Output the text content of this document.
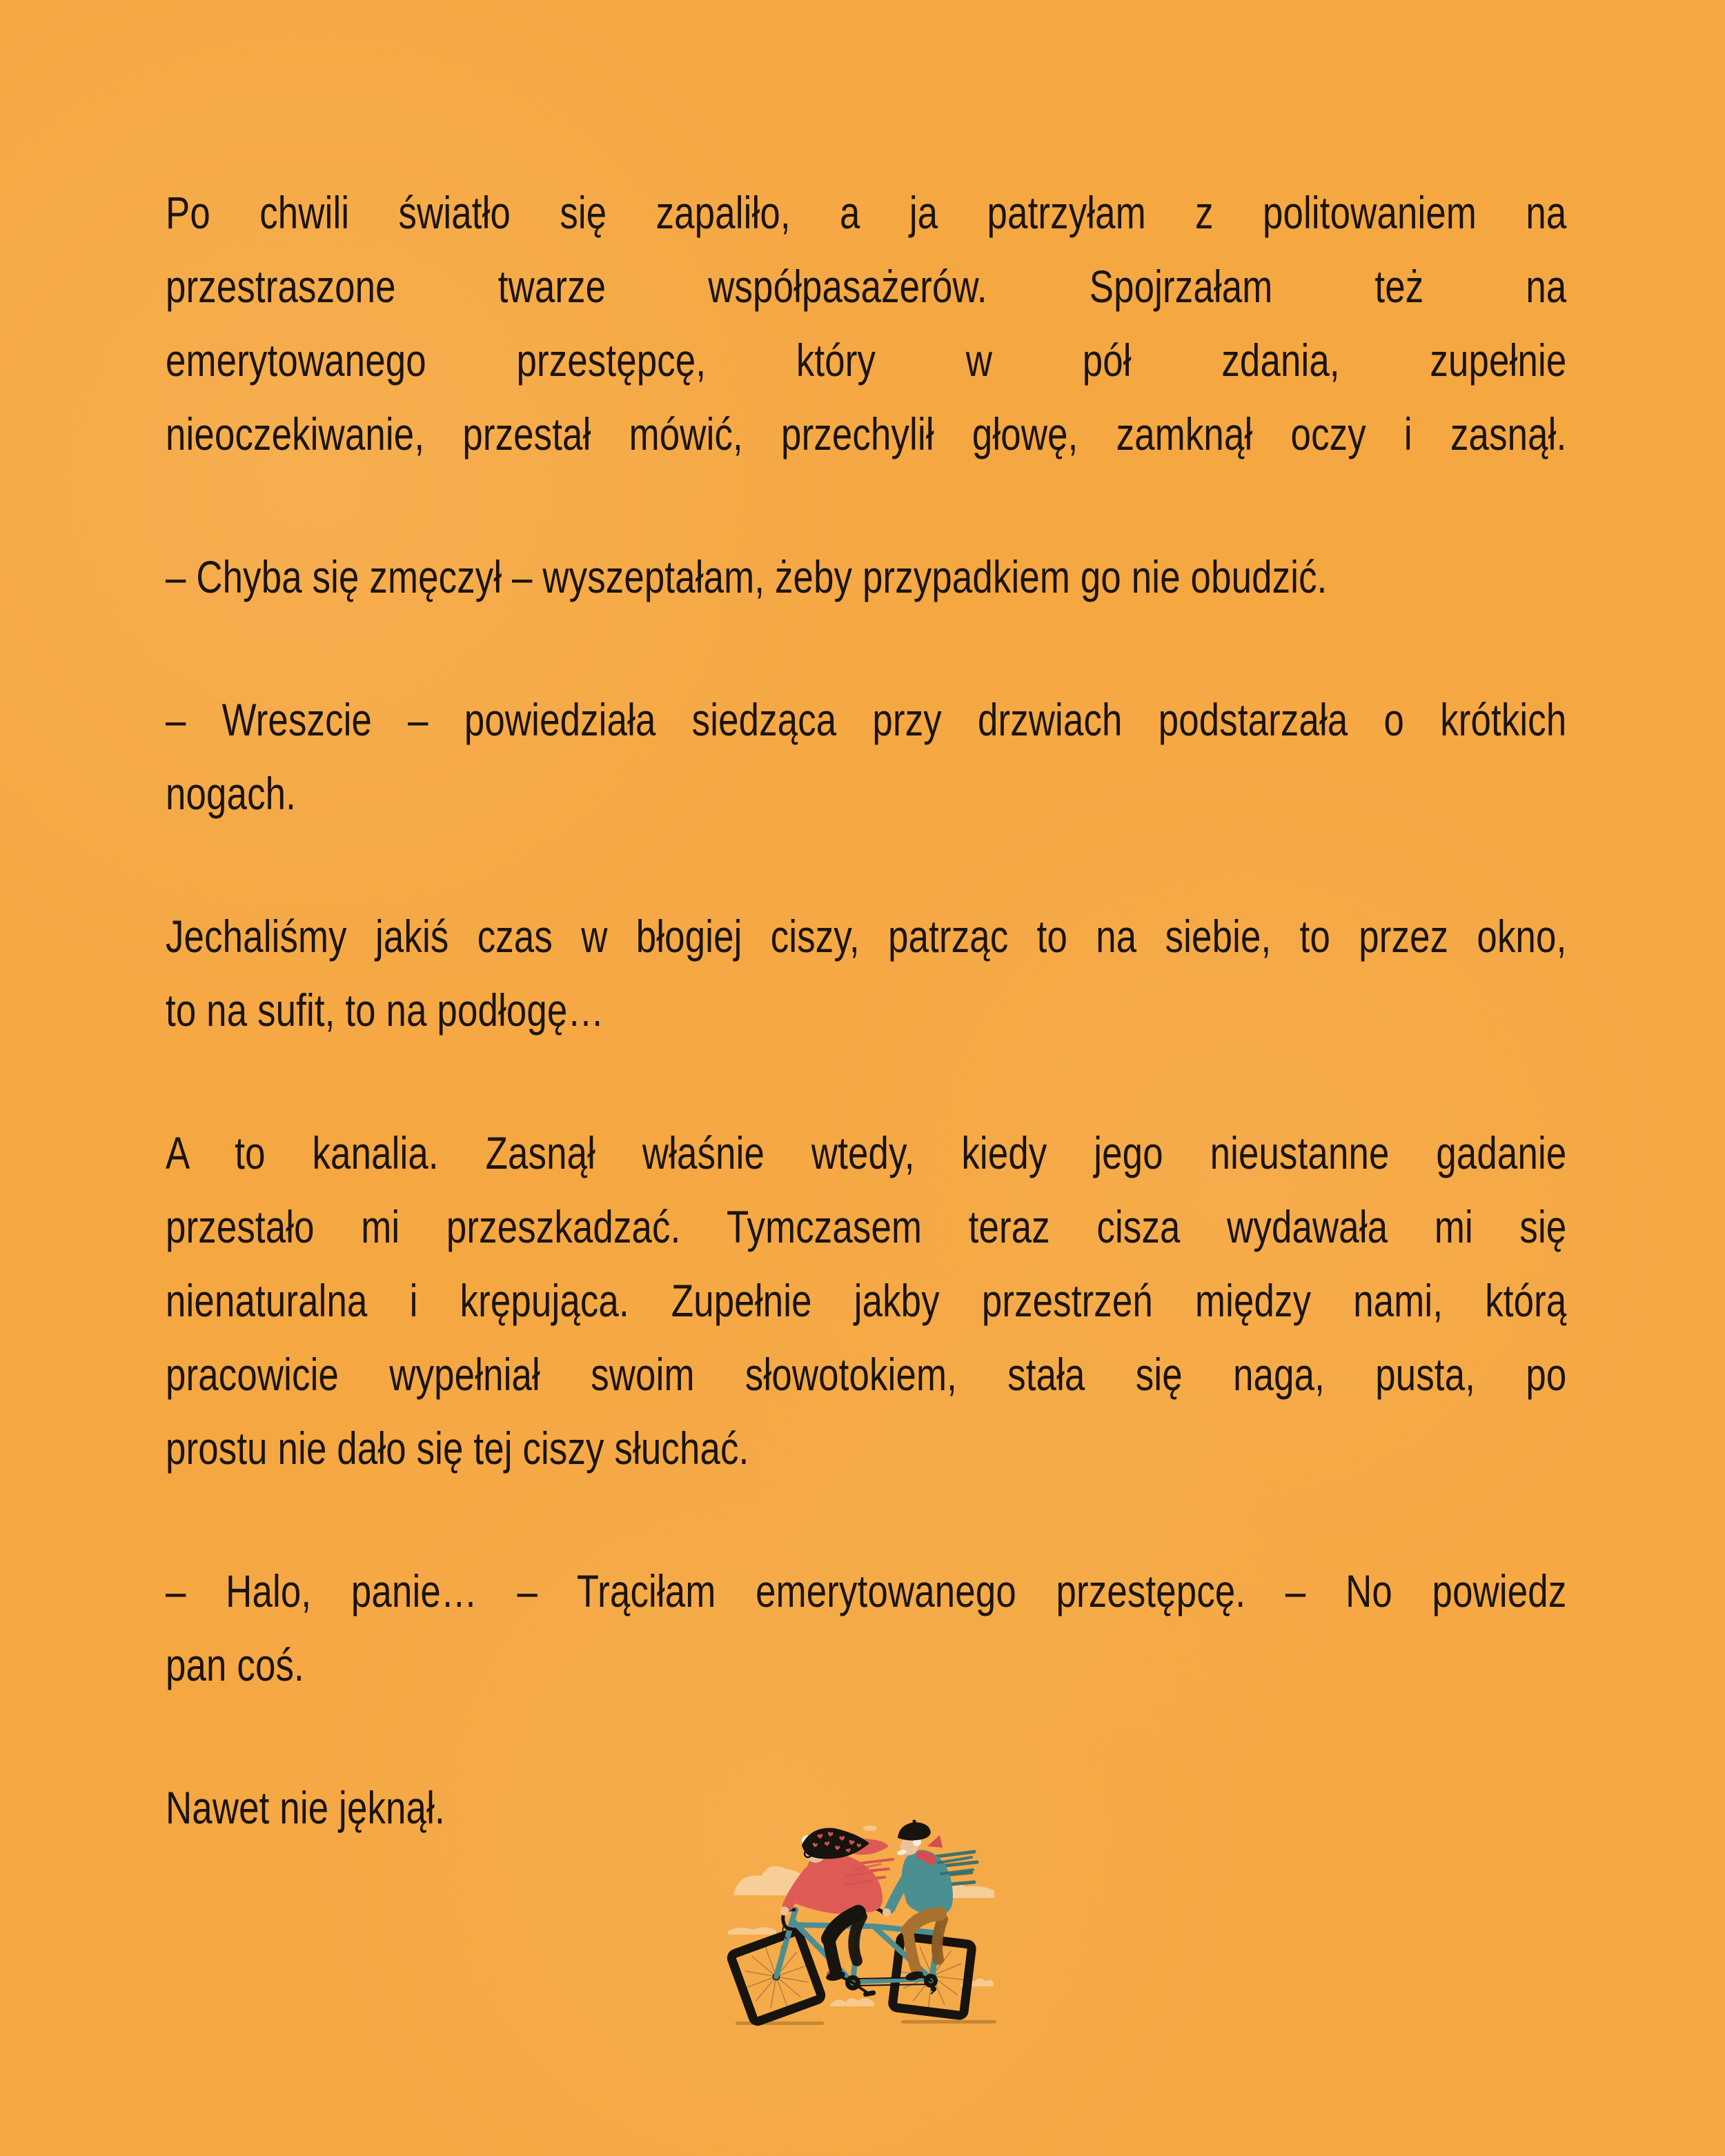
Po chwili światło się zapaliło, a ja patrzyłam z politowaniem na
przestraszone twarze współpasażerów. Spojrzałam też na
emerytowanego przestępcę, który w pół zdania, zupełnie
nieoczekiwanie, przestał mówić, przechylił głowę, zamknął oczy i zasnął.
– Chyba się zmęczył – wyszeptałam, żeby przypadkiem go nie obudzić.
– Wreszcie – powiedziała siedząca przy drzwiach podstarzała o krótkich
nogach.
Jechaliśmy jakiś czas w błogiej ciszy, patrząc to na siebie, to przez okno,
to na sufit, to na podłogę…
A to kanalia. Zasnął właśnie wtedy, kiedy jego nieustanne gadanie
przestało mi przeszkadzać. Tymczasem teraz cisza wydawała mi się
nienaturalna i krępująca. Zupełnie jakby przestrzeń między nami, którą
pracowicie wypełniał swoim słowotokiem, stała się naga, pusta, po
prostu nie dało się tej ciszy słuchać.
– Halo, panie… – Trąciłam emerytowanego przestępcę. – No powiedz
pan coś.
Nawet nie jęknął.
